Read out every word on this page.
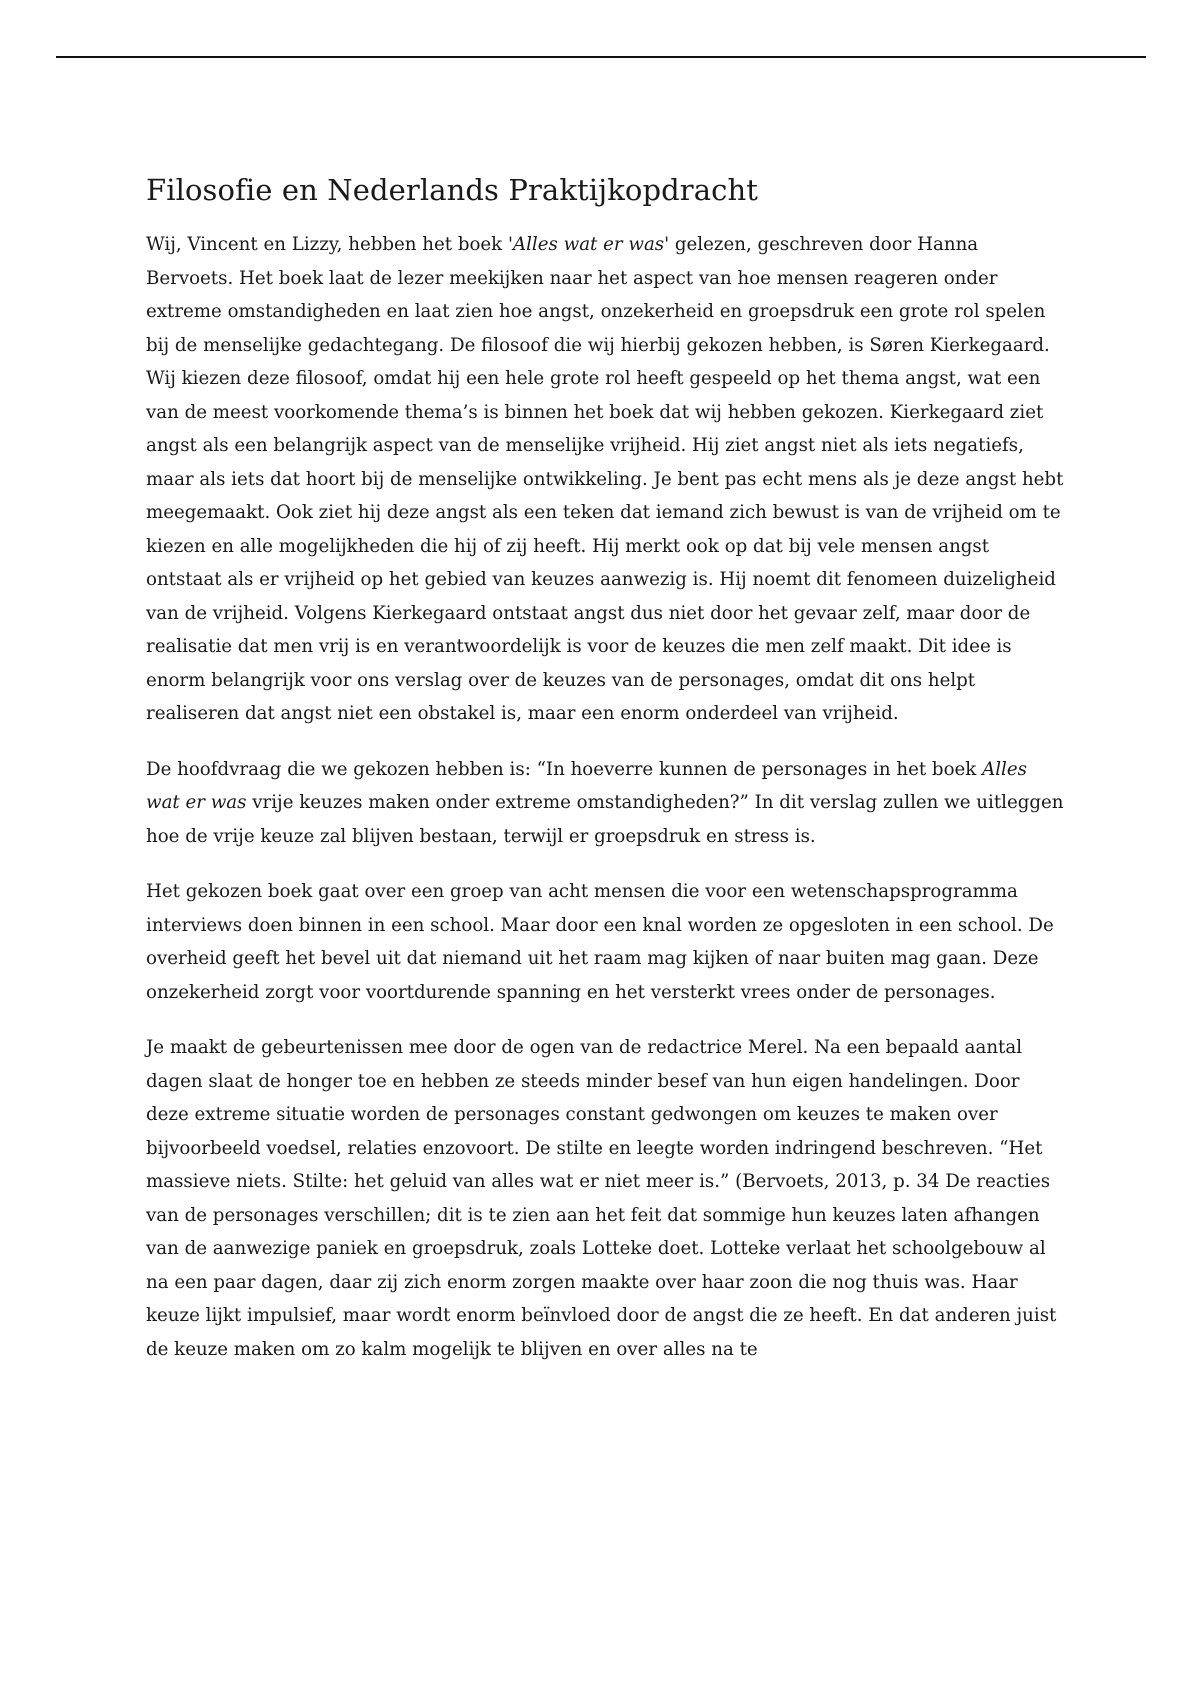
Filosofie en Nederlands Praktijkopdracht

Wij, Vincent en Lizzy, hebben het boek 'Alles wat er was' gelezen, geschreven door Hanna Bervoets. Het boek laat de lezer meekijken naar het aspect van hoe mensen reageren onder extreme omstandigheden en laat zien hoe angst, onzekerheid en groepsdruk een grote rol spelen bij de menselijke gedachtegang. De filosoof die wij hierbij gekozen hebben, is Søren Kierkegaard. Wij kiezen deze filosoof, omdat hij een hele grote rol heeft gespeeld op het thema angst, wat een van de meest voorkomende thema’s is binnen het boek dat wij hebben gekozen. Kierkegaard ziet angst als een belangrijk aspect van de menselijke vrijheid. Hij ziet angst niet als iets negatiefs, maar als iets dat hoort bij de menselijke ontwikkeling. Je bent pas echt mens als je deze angst hebt meegemaakt. Ook ziet hij deze angst als een teken dat iemand zich bewust is van de vrijheid om te kiezen en alle mogelijkheden die hij of zij heeft. Hij merkt ook op dat bij vele mensen angst ontstaat als er vrijheid op het gebied van keuzes aanwezig is. Hij noemt dit fenomeen duizeligheid van de vrijheid. Volgens Kierkegaard ontstaat angst dus niet door het gevaar zelf, maar door de realisatie dat men vrij is en verantwoordelijk is voor de keuzes die men zelf maakt. Dit idee is enorm belangrijk voor ons verslag over de keuzes van de personages, omdat dit ons helpt realiseren dat angst niet een obstakel is, maar een enorm onderdeel van vrijheid.

De hoofdvraag die we gekozen hebben is: “In hoeverre kunnen de personages in het boek Alles wat er was vrije keuzes maken onder extreme omstandigheden?” In dit verslag zullen we uitleggen hoe de vrije keuze zal blijven bestaan, terwijl er groepsdruk en stress is.

Het gekozen boek gaat over een groep van acht mensen die voor een wetenschapsprogramma interviews doen binnen in een school. Maar door een knal worden ze opgesloten in een school. De overheid geeft het bevel uit dat niemand uit het raam mag kijken of naar buiten mag gaan. Deze onzekerheid zorgt voor voortdurende spanning en het versterkt vrees onder de personages.

Je maakt de gebeurtenissen mee door de ogen van de redactrice Merel. Na een bepaald aantal dagen slaat de honger toe en hebben ze steeds minder besef van hun eigen handelingen. Door deze extreme situatie worden de personages constant gedwongen om keuzes te maken over bijvoorbeeld voedsel, relaties enzovoort. De stilte en leegte worden indringend beschreven. “Het massieve niets. Stilte: het geluid van alles wat er niet meer is.” (Bervoets, 2013, p. 34 De reacties van de personages verschillen; dit is te zien aan het feit dat sommige hun keuzes laten afhangen van de aanwezige paniek en groepsdruk, zoals Lotteke doet. Lotteke verlaat het schoolgebouw al na een paar dagen, daar zij zich enorm zorgen maakte over haar zoon die nog thuis was. Haar keuze lijkt impulsief, maar wordt enorm beïnvloed door de angst die ze heeft. En dat anderen juist de keuze maken om zo kalm mogelijk te blijven en over alles na te
